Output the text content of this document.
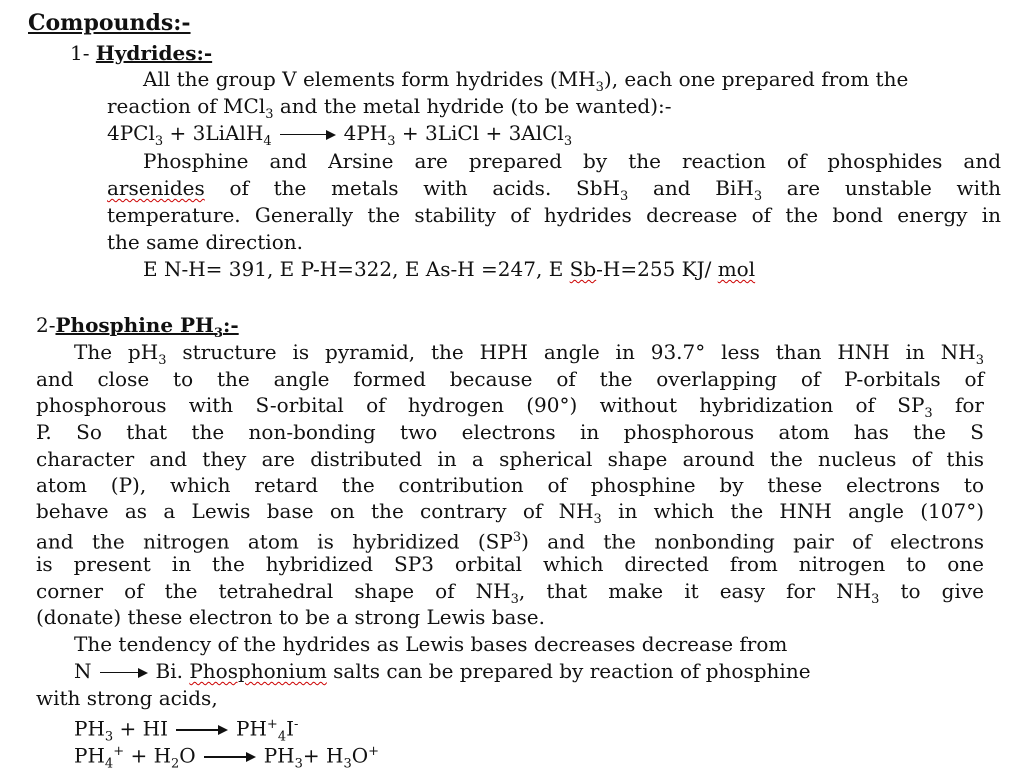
Compounds:-
1- Hydrides:-
All the group V elements form hydrides $(MH_3)$, each one prepared from the
reaction of MCl$_3$ and the metal hydride (to be wanted):-
4PCl$_3$ + 3LiAlH$_4$	$4PH_3$ + 3LiCl + 3AlCl$_3$
Phosphine and Arsine are prepared by the reaction of phosphides and
arsenides of the metals with acids. SbH$_3$ and BiH$_3$ are unstable with
temperature. Generally the stability of hydrides decrease of the bond energy in
the same direction.
E N-H= 391, E P-H=322, E As-H =247, E Sb-H=255 KJ/ mol
2-Phosphine $PH_3:-$
The $pH_3$ structure is pyramid, the HPH angle in 93.7° less than HNH in $NH_3$
and close to the angle formed because of the overlapping of P-orbitals of
phosphorous with S-orbital of hydrogen (90°) without hybridization of $SP_3$ for
P. So that the non-bonding two electrons in phosphorous atom has the S
character and they are distributed in a spherical shape around the nucleus of this
atom (P), which retard the contribution of phosphine by these electrons to
behave as a Lewis base on the contrary of $NH_3$ in which the HNH angle (107°)
and the nitrogen atom is hybridized $(SP^3)$ and the nonbonding pair of electrons
is present in the hybridized SP3 orbital which directed from nitrogen to one
corner of the tetrahedral shape of $NH_3$, that make it easy for $NH_3$ to give
(donate) these electron to be a strong Lewis base.
The tendency of the hydrides as Lewis bases decreases decrease from
N	Bi. Phosphonium salts can be prepared by reaction of phosphine
with strong acids,
$PH_3$ + HI	$PH^+_4I^-$
$PH_4^+ + H_2O$	$PH_3+ H_3O^+$
